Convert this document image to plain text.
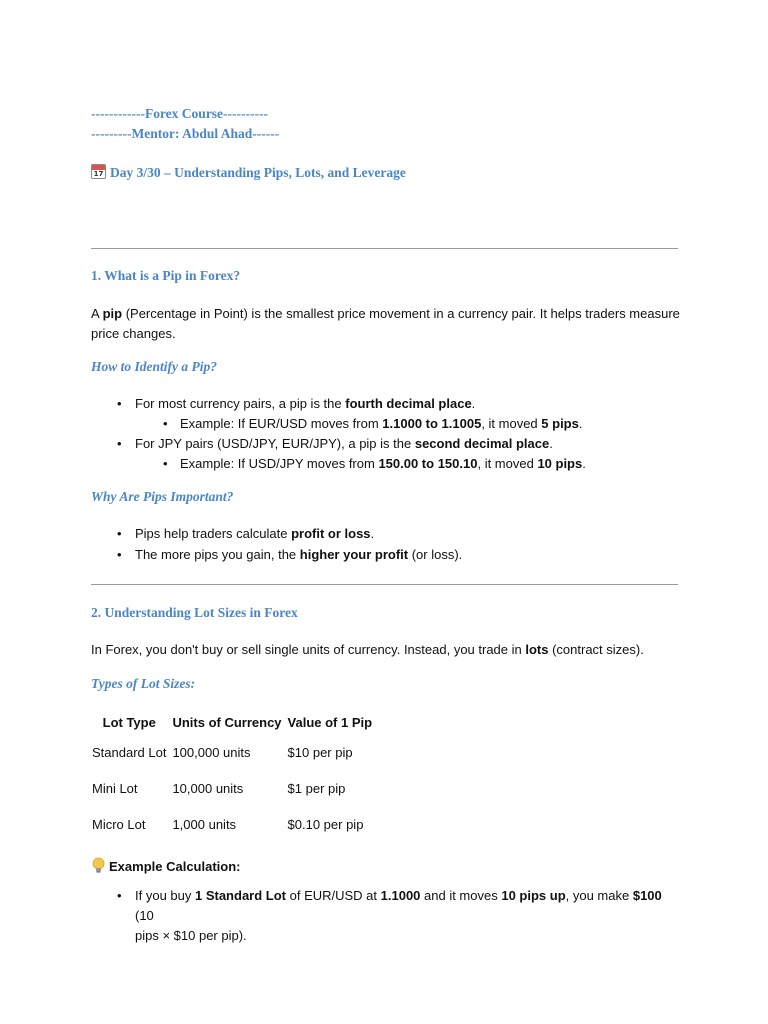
------------Forex Course----------
---------Mentor: Abdul Ahad------
17 Day 3/30 – Understanding Pips, Lots, and Leverage
1. What is a Pip in Forex?
A pip (Percentage in Point) is the smallest price movement in a currency pair. It helps traders measure
price changes.
How to Identify a Pip?
• For most currency pairs, a pip is the fourth decimal place.
• Example: If EUR/USD moves from 1.1000 to 1.1005, it moved 5 pips.
• For JPY pairs (USD/JPY, EUR/JPY), a pip is the second decimal place.
• Example: If USD/JPY moves from 150.00 to 150.10, it moved 10 pips.
Why Are Pips Important?
• Pips help traders calculate profit or loss.
• The more pips you gain, the higher your profit (or loss).
2. Understanding Lot Sizes in Forex
In Forex, you don't buy or sell single units of currency. Instead, you trade in lots (contract sizes).
Types of Lot Sizes:
Lot Type	Units of Currency	Value of 1 Pip
Standard Lot	100,000 units	$10 per pip
Mini Lot	10,000 units	$1 per pip
Micro Lot	1,000 units	$0.10 per pip
Example Calculation:
• If you buy 1 Standard Lot of EUR/USD at 1.1000 and it moves 10 pips up, you make $100 (10
pips × $10 per pip).
